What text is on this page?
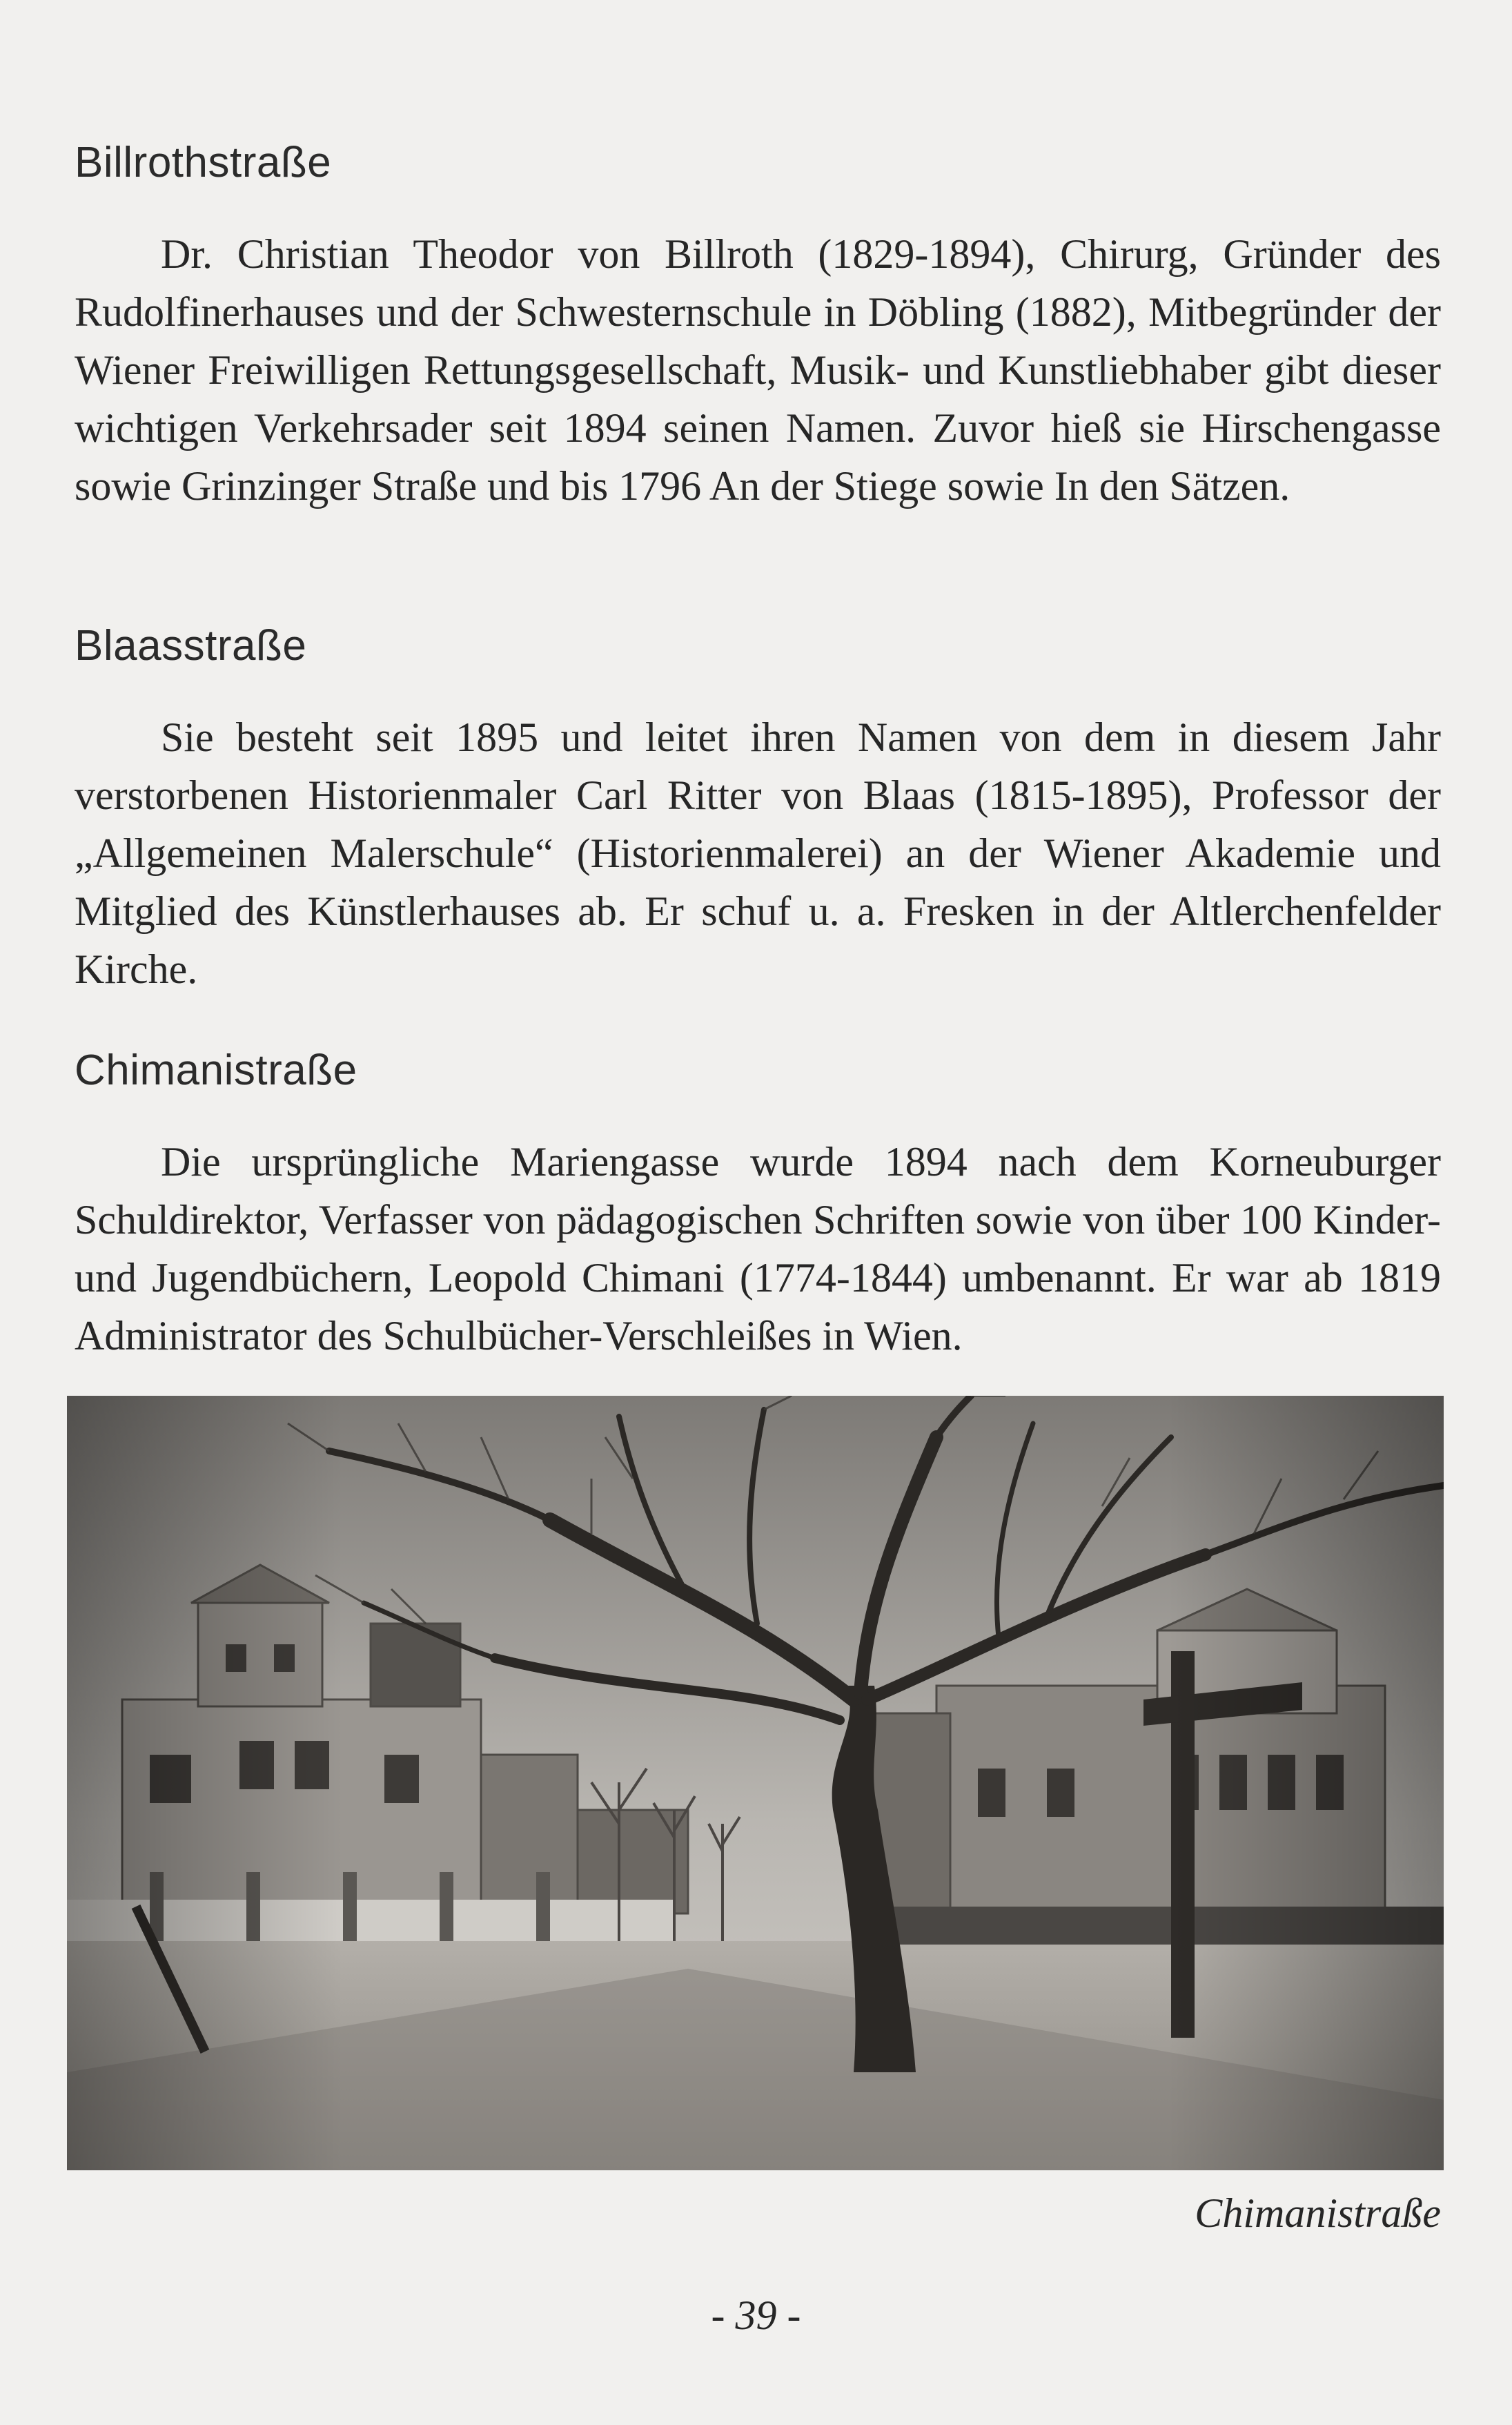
Billrothstraße

Dr. Christian Theodor von Billroth (1829-1894), Chirurg, Gründer des Rudolfinerhauses und der Schwesternschule in Döbling (1882), Mitbegründer der Wiener Freiwilligen Rettungsgesellschaft, Musik- und Kunstliebhaber gibt dieser wichtigen Verkehrsader seit 1894 seinen Namen. Zuvor hieß sie Hirschengasse sowie Grinzinger Straße und bis 1796 An der Stiege sowie In den Sätzen.

Blaasstraße

Sie besteht seit 1895 und leitet ihren Namen von dem in diesem Jahr verstorbenen Historienmaler Carl Ritter von Blaas (1815-1895), Professor der „Allgemeinen Malerschule“ (Historienmalerei) an der Wiener Akademie und Mitglied des Künstlerhauses ab. Er schuf u. a. Fresken in der Altlerchenfelder Kirche.

Chimanistraße

Die ursprüngliche Mariengasse wurde 1894 nach dem Korneuburger Schuldirektor, Verfasser von pädagogischen Schriften sowie von über 100 Kinder- und Jugendbüchern, Leopold Chimani (1774-1844) umbenannt. Er war ab 1819 Administrator des Schulbücher-Verschleißes in Wien.

Chimanistraße
- 39 -
